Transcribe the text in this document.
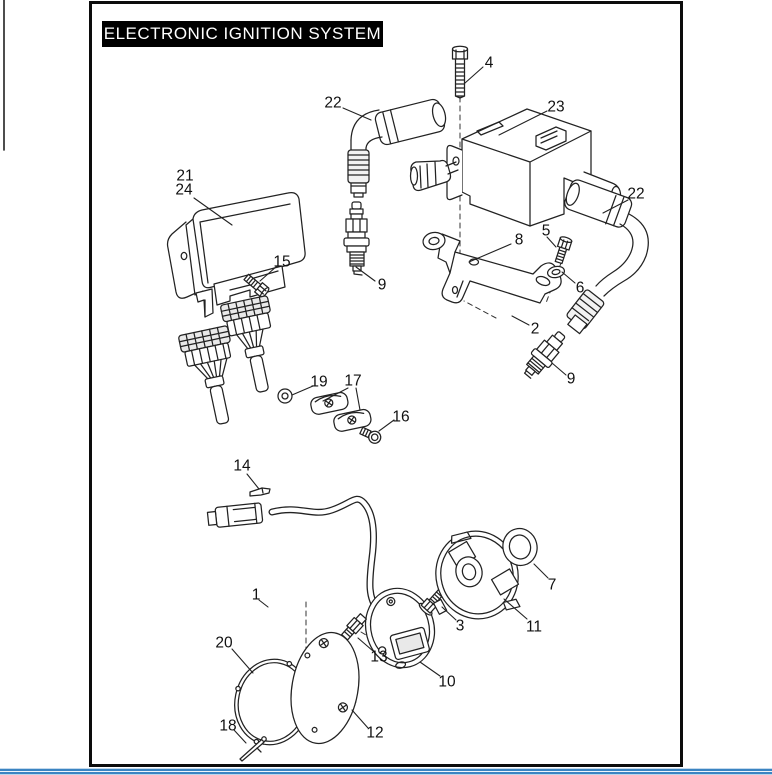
ELECTRONIC IGNITION SYSTEM
4
22	23
21
24
15
9
8
5
6
22
2
9
19 17
16
14
1
3	11
7
10
13
20
12
18
